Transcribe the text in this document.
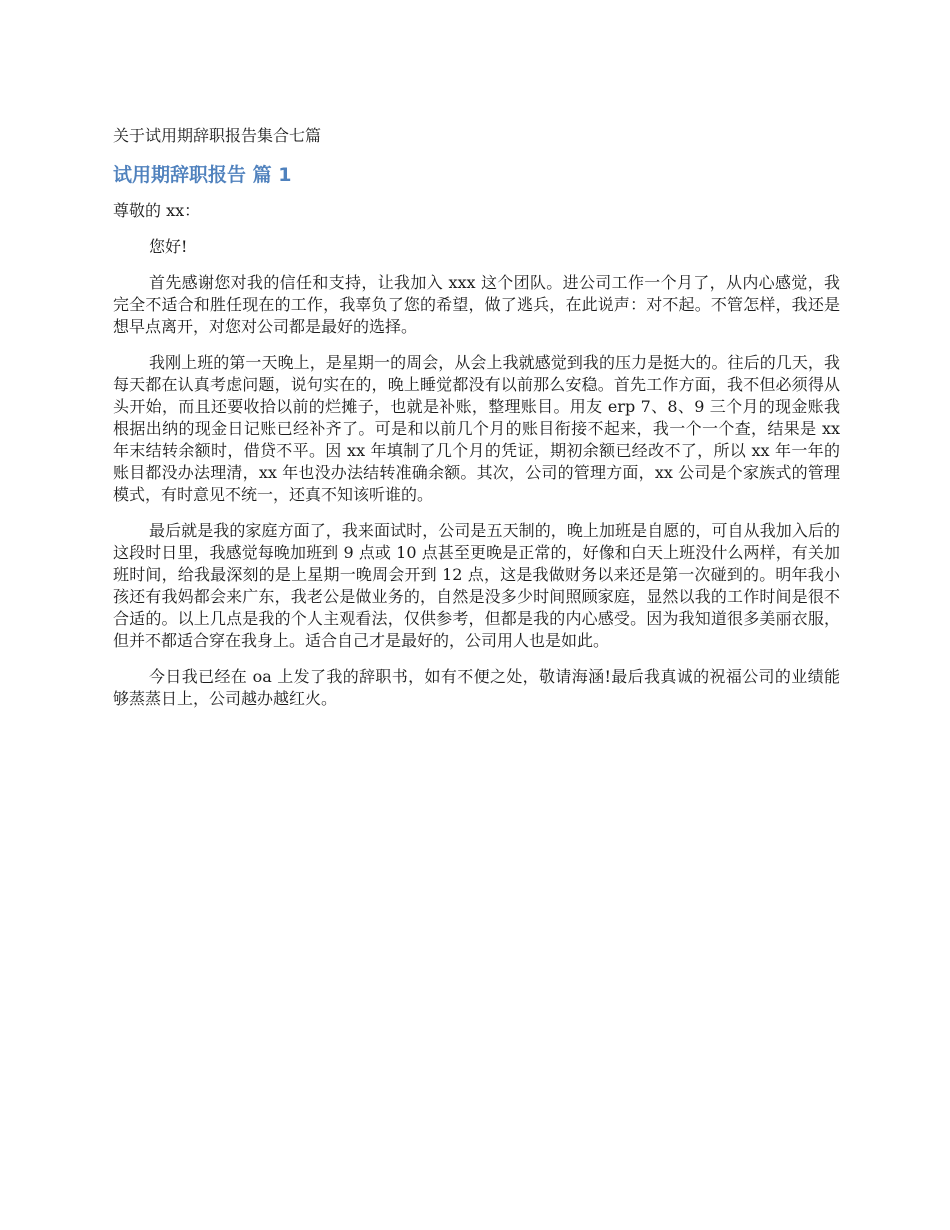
关于试用期辞职报告集合七篇
试用期辞职报告 篇 1

尊敬的 xx：

您好!

首先感谢您对我的信任和支持，让我加入 xxx 这个团队。进公司工作一个月了，从内心感觉，我完全不适合和胜任现在的工作，我辜负了您的希望，做了逃兵，在此说声：对不起。不管怎样，我还是想早点离开，对您对公司都是最好的选择。

我刚上班的第一天晚上，是星期一的周会，从会上我就感觉到我的压力是挺大的。往后的几天，我每天都在认真考虑问题，说句实在的，晚上睡觉都没有以前那么安稳。首先工作方面，我不但必须得从头开始，而且还要收拾以前的烂摊子，也就是补账，整理账目。用友 erp 7、8、9 三个月的现金账我根据出纳的现金日记账已经补齐了。可是和以前几个月的账目衔接不起来，我一个一个查，结果是 xx 年末结转余额时，借贷不平。因 xx 年填制了几个月的凭证，期初余额已经改不了，所以 xx 年一年的账目都没办法理清，xx 年也没办法结转准确余额。其次，公司的管理方面，xx 公司是个家族式的管理模式，有时意见不统一，还真不知该听谁的。

最后就是我的家庭方面了，我来面试时，公司是五天制的，晚上加班是自愿的，可自从我加入后的这段时日里，我感觉每晚加班到 9 点或 10 点甚至更晚是正常的，好像和白天上班没什么两样，有关加班时间，给我最深刻的是上星期一晚周会开到 12 点，这是我做财务以来还是第一次碰到的。明年我小孩还有我妈都会来广东，我老公是做业务的，自然是没多少时间照顾家庭，显然以我的工作时间是很不合适的。以上几点是我的个人主观看法，仅供参考，但都是我的内心感受。因为我知道很多美丽衣服，但并不都适合穿在我身上。适合自己才是最好的，公司用人也是如此。

今日我已经在 oa 上发了我的辞职书，如有不便之处，敬请海涵!最后我真诚的祝福公司的业绩能够蒸蒸日上，公司越办越红火。
